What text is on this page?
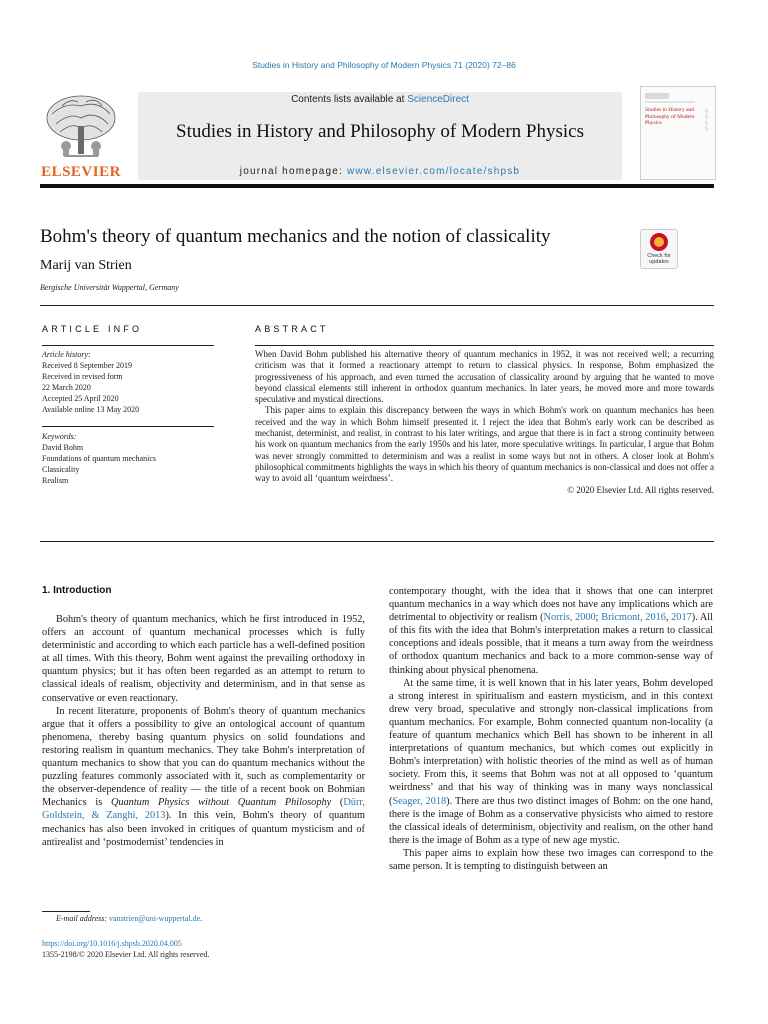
Studies in History and Philosophy of Modern Physics 71 (2020) 72–86
ELSEVIER
Contents lists available at ScienceDirect
Studies in History and Philosophy of Modern Physics
journal homepage: www.elsevier.com/locate/shpsb
Studies in History and Philosophy of Modern Physics
§
§
§
§
Bohm's theory of quantum mechanics and the notion of classicality
Marij van Strien
Bergische Universität Wuppertal, Germany
Check for updates
ARTICLE INFO
Article history:
Received 8 September 2019
Received in revised form
22 March 2020
Accepted 25 April 2020
Available online 13 May 2020
Keywords:
David Bohm
Foundations of quantum mechanics
Classicality
Realism
ABSTRACT

When David Bohm published his alternative theory of quantum mechanics in 1952, it was not received well; a recurring criticism was that it formed a reactionary attempt to return to classical physics. In response, Bohm emphasized the progressiveness of his approach, and even turned the accusation of classicality around by arguing that he wanted to move beyond classical elements still inherent in orthodox quantum mechanics. In later years, he moved more and more towards speculative and mystical directions.

This paper aims to explain this discrepancy between the ways in which Bohm's work on quantum mechanics has been received and the way in which Bohm himself presented it. I reject the idea that Bohm's early work can be described as mechanist, determinist, and realist, in contrast to his later writings, and argue that there is in fact a strong continuity between his work on quantum mechanics from the early 1950s and his later, more speculative writings. In particular, I argue that Bohm was never strongly committed to determinism and was a realist in some ways but not in others. A closer look at Bohm's philosophical commitments highlights the ways in which his theory of quantum mechanics is non-classical and does not offer a way to avoid all ‘quantum weirdness’.

© 2020 Elsevier Ltd. All rights reserved.

1. Introduction

Bohm's theory of quantum mechanics, which he first introduced in 1952, offers an account of quantum mechanical processes which is fully deterministic and according to which each particle has a well-defined position at all times. With this theory, Bohm went against the prevailing orthodoxy in quantum physics; but it has often been regarded as an attempt to return to classical ideals of realism, objectivity and determinism, and in that sense as conservative or even reactionary.

In recent literature, proponents of Bohm's theory of quantum mechanics argue that it offers a possibility to give an ontological account of quantum phenomena, thereby basing quantum physics on solid foundations and restoring realism in quantum mechanics. They take Bohm's interpretation of quantum mechanics to show that you can do quantum mechanics without the puzzling features commonly associated with it, such as complementarity or the observer-dependence of reality — the title of a recent book on Bohmian Mechanics is Quantum Physics without Quantum Philosophy (Dürr, Goldstein, & Zanghì, 2013). In this vein, Bohm's theory of quantum mechanics has also been invoked in critiques of quantum mysticism and of antirealist and ‘postmodernist’ tendencies in

contemporary thought, with the idea that it shows that one can interpret quantum mechanics in a way which does not have any implications which are detrimental to objectivity or realism (Norris, 2000; Bricmont, 2016, 2017). All of this fits with the idea that Bohm's interpretation makes a return to classical conceptions and ideals possible, that it means a turn away from the weirdness of orthodox quantum mechanics and back to a more common-sense way of thinking about physical phenomena.

At the same time, it is well known that in his later years, Bohm developed a strong interest in spiritualism and eastern mysticism, and in this context drew very broad, speculative and strongly non-classical implications from quantum mechanics. For example, Bohm connected quantum non-locality (a feature of quantum mechanics which Bell has shown to be inherent in all interpretations of quantum mechanics, but which comes out explicitly in Bohm's interpretation) with holistic theories of the mind as well as of human society. From this, it seems that Bohm was not at all opposed to ‘quantum weirdness’ and that his way of thinking was in many ways nonclassical (Seager, 2018). There are thus two distinct images of Bohm: on the one hand, there is the image of Bohm as a conservative physicists who aimed to restore the classical ideals of determinism, objectivity and realism, on the other hand there is the image of Bohm as a type of new age mystic.

This paper aims to explain how these two images can correspond to the same person. It is tempting to distinguish between an

E-mail address: vanstrien@uni-wuppertal.de.
https://doi.org/10.1016/j.shpsb.2020.04.005
1355-2198/© 2020 Elsevier Ltd. All rights reserved.
